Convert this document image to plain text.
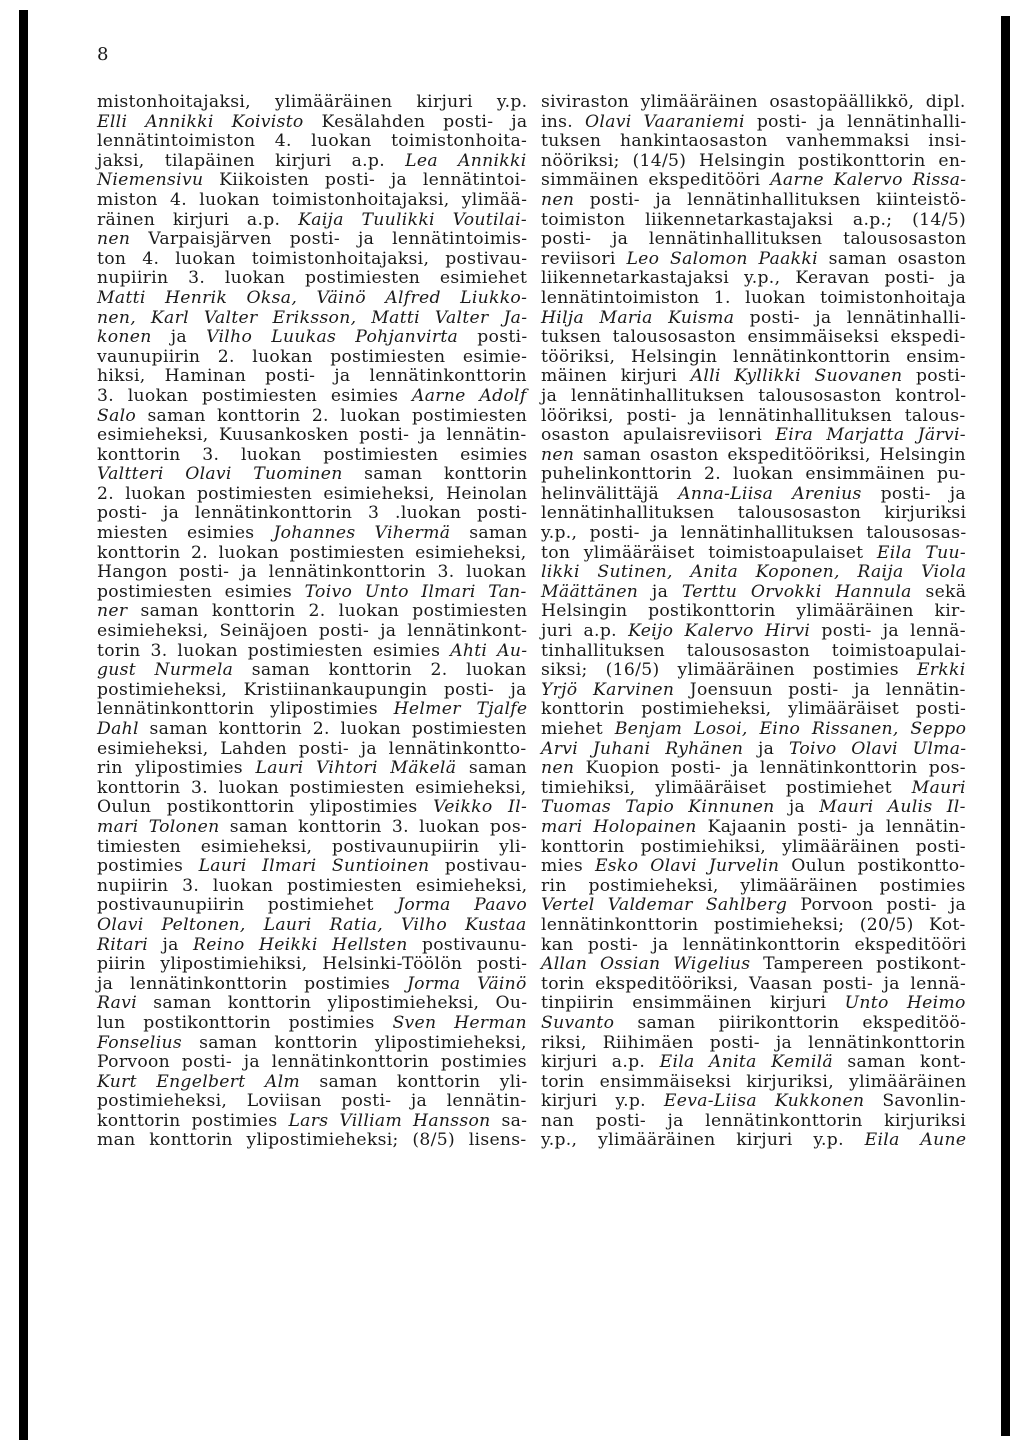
8
mistonhoitajaksi, ylimääräinen kirjuri y.p.
Elli Annikki Koivisto Kesälahden posti- ja
lennätintoimiston 4. luokan toimistonhoita-
jaksi, tilapäinen kirjuri a.p. Lea Annikki
Niemensivu Kiikoisten posti- ja lennätintoi-
miston 4. luokan toimistonhoitajaksi, ylimää-
räinen kirjuri a.p. Kaija Tuulikki Voutilai-
nen Varpaisjärven posti- ja lennätintoimis-
ton 4. luokan toimistonhoitajaksi, postivau-
nupiirin 3. luokan postimiesten esimiehet
Matti Henrik Oksa, Väinö Alfred Liukko-
nen, Karl Valter Eriksson, Matti Valter Ja-
konen ja Vilho Luukas Pohjanvirta posti-
vaunupiirin 2. luokan postimiesten esimie-
hiksi, Haminan posti- ja lennätinkonttorin
3. luokan postimiesten esimies Aarne Adolf
Salo saman konttorin 2. luokan postimiesten
esimieheksi, Kuusankosken posti- ja lennätin-
konttorin 3. luokan postimiesten esimies
Valtteri Olavi Tuominen saman konttorin
2. luokan postimiesten esimieheksi, Heinolan
posti- ja lennätinkonttorin 3 .luokan posti-
miesten esimies Johannes Vihermä saman
konttorin 2. luokan postimiesten esimieheksi,
Hangon posti- ja lennätinkonttorin 3. luokan
postimiesten esimies Toivo Unto Ilmari Tan-
ner saman konttorin 2. luokan postimiesten
esimieheksi, Seinäjoen posti- ja lennätinkont-
torin 3. luokan postimiesten esimies Ahti Au-
gust Nurmela saman konttorin 2. luokan
postimieheksi, Kristiinankaupungin posti- ja
lennätinkonttorin ylipostimies Helmer Tjalfe
Dahl saman konttorin 2. luokan postimiesten
esimieheksi, Lahden posti- ja lennätinkontto-
rin ylipostimies Lauri Vihtori Mäkelä saman
konttorin 3. luokan postimiesten esimieheksi,
Oulun postikonttorin ylipostimies Veikko Il-
mari Tolonen saman konttorin 3. luokan pos-
timiesten esimieheksi, postivaunupiirin yli-
postimies Lauri Ilmari Suntioinen postivau-
nupiirin 3. luokan postimiesten esimieheksi,
postivaunupiirin postimiehet Jorma Paavo
Olavi Peltonen, Lauri Ratia, Vilho Kustaa
Ritari ja Reino Heikki Hellsten postivaunu-
piirin ylipostimiehiksi, Helsinki-Töölön posti-
ja lennätinkonttorin postimies Jorma Väinö
Ravi saman konttorin ylipostimieheksi, Ou-
lun postikonttorin postimies Sven Herman
Fonselius saman konttorin ylipostimieheksi,
Porvoon posti- ja lennätinkonttorin postimies
Kurt Engelbert Alm saman konttorin yli-
postimieheksi, Loviisan posti- ja lennätin-
konttorin postimies Lars Villiam Hansson sa-
man konttorin ylipostimieheksi; (8/5) lisens-
siviraston ylimääräinen osastopäällikkö, dipl.
ins. Olavi Vaaraniemi posti- ja lennätinhalli-
tuksen hankintaosaston vanhemmaksi insi-
nööriksi; (14/5) Helsingin postikonttorin en-
simmäinen ekspeditööri Aarne Kalervo Rissa-
nen posti- ja lennätinhallituksen kiinteistö-
toimiston liikennetarkastajaksi a.p.; (14/5)
posti- ja lennätinhallituksen talousosaston
reviisori Leo Salomon Paakki saman osaston
liikennetarkastajaksi y.p., Keravan posti- ja
lennätintoimiston 1. luokan toimistonhoitaja
Hilja Maria Kuisma posti- ja lennätinhalli-
tuksen talousosaston ensimmäiseksi ekspedi-
tööriksi, Helsingin lennätinkonttorin ensim-
mäinen kirjuri Alli Kyllikki Suovanen posti-
ja lennätinhallituksen talousosaston kontrol-
lööriksi, posti- ja lennätinhallituksen talous-
osaston apulaisreviisori Eira Marjatta Järvi-
nen saman osaston ekspeditööriksi, Helsingin
puhelinkonttorin 2. luokan ensimmäinen pu-
helinvälittäjä Anna-Liisa Arenius posti- ja
lennätinhallituksen talousosaston kirjuriksi
y.p., posti- ja lennätinhallituksen talousosas-
ton ylimääräiset toimistoapulaiset Eila Tuu-
likki Sutinen, Anita Koponen, Raija Viola
Määttänen ja Terttu Orvokki Hannula sekä
Helsingin postikonttorin ylimääräinen kir-
juri a.p. Keijo Kalervo Hirvi posti- ja lennä-
tinhallituksen talousosaston toimistoapulai-
siksi; (16/5) ylimääräinen postimies Erkki
Yrjö Karvinen Joensuun posti- ja lennätin-
konttorin postimieheksi, ylimääräiset posti-
miehet Benjam Losoi, Eino Rissanen, Seppo
Arvi Juhani Ryhänen ja Toivo Olavi Ulma-
nen Kuopion posti- ja lennätinkonttorin pos-
timiehiksi, ylimääräiset postimiehet Mauri
Tuomas Tapio Kinnunen ja Mauri Aulis Il-
mari Holopainen Kajaanin posti- ja lennätin-
konttorin postimiehiksi, ylimääräinen posti-
mies Esko Olavi Jurvelin Oulun postikontto-
rin postimieheksi, ylimääräinen postimies
Vertel Valdemar Sahlberg Porvoon posti- ja
lennätinkonttorin postimieheksi; (20/5) Kot-
kan posti- ja lennätinkonttorin ekspeditööri
Allan Ossian Wigelius Tampereen postikont-
torin ekspeditööriksi, Vaasan posti- ja lennä-
tinpiirin ensimmäinen kirjuri Unto Heimo
Suvanto saman piirikonttorin ekspeditöö-
riksi, Riihimäen posti- ja lennätinkonttorin
kirjuri a.p. Eila Anita Kemilä saman kont-
torin ensimmäiseksi kirjuriksi, ylimääräinen
kirjuri y.p. Eeva-Liisa Kukkonen Savonlin-
nan posti- ja lennätinkonttorin kirjuriksi
y.p., ylimääräinen kirjuri y.p. Eila Aune
